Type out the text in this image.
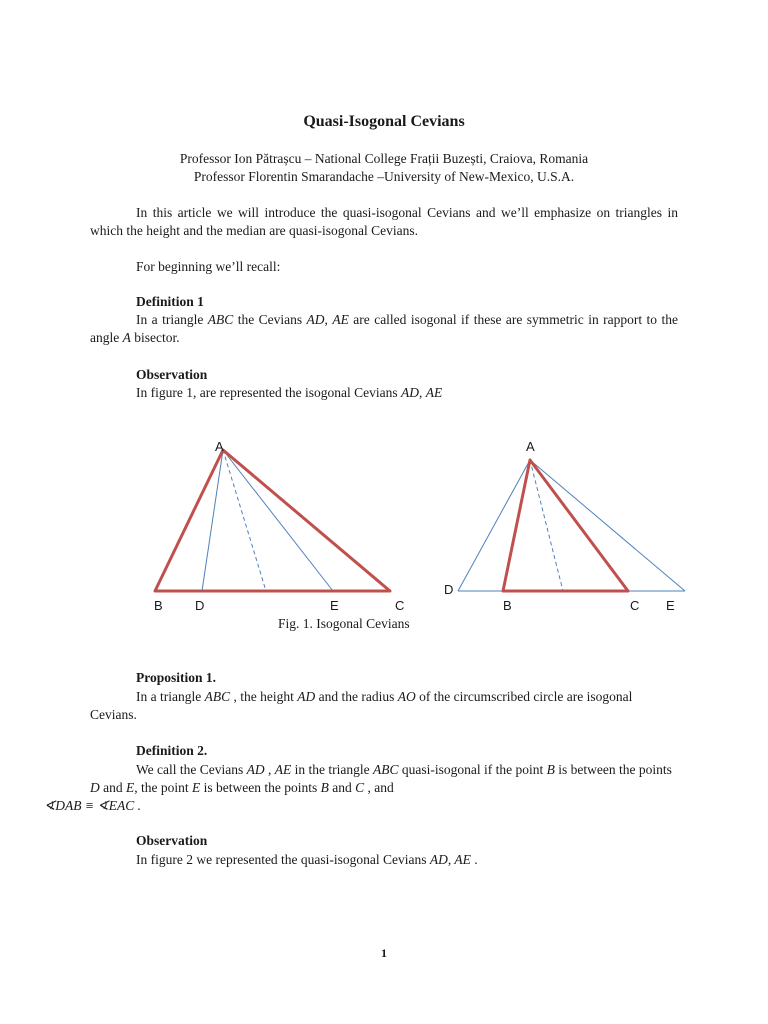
Quasi-Isogonal Cevians
Professor Ion Pătrașcu – National College Frații Buzești, Craiova, Romania
Professor Florentin Smarandache –University of New-Mexico, U.S.A.
In this article we will introduce the quasi-isogonal Cevians and we’ll emphasize on triangles in which the height and the median are quasi-isogonal Cevians.
For beginning we’ll recall:
Definition 1
In a triangle ABC the Cevians AD, AE are called isogonal if these are symmetric in rapport to the angle A bisector.
Observation
In figure 1, are represented the isogonal Cevians AD, AE
A
B D	E	C
A
D
B	C E
Fig. 1. Isogonal Cevians
Proposition 1.
In a triangle ABC , the height AD and the radius AO of the circumscribed circle are isogonal Cevians.
Definition 2.
We call the Cevians AD , AE in the triangle ABC quasi-isogonal if the point B is between the points D and E, the point E is between the points B and C , and
∢DAB ≡ ∢EAC .
Observation
In figure 2 we represented the quasi-isogonal Cevians AD, AE .
1
